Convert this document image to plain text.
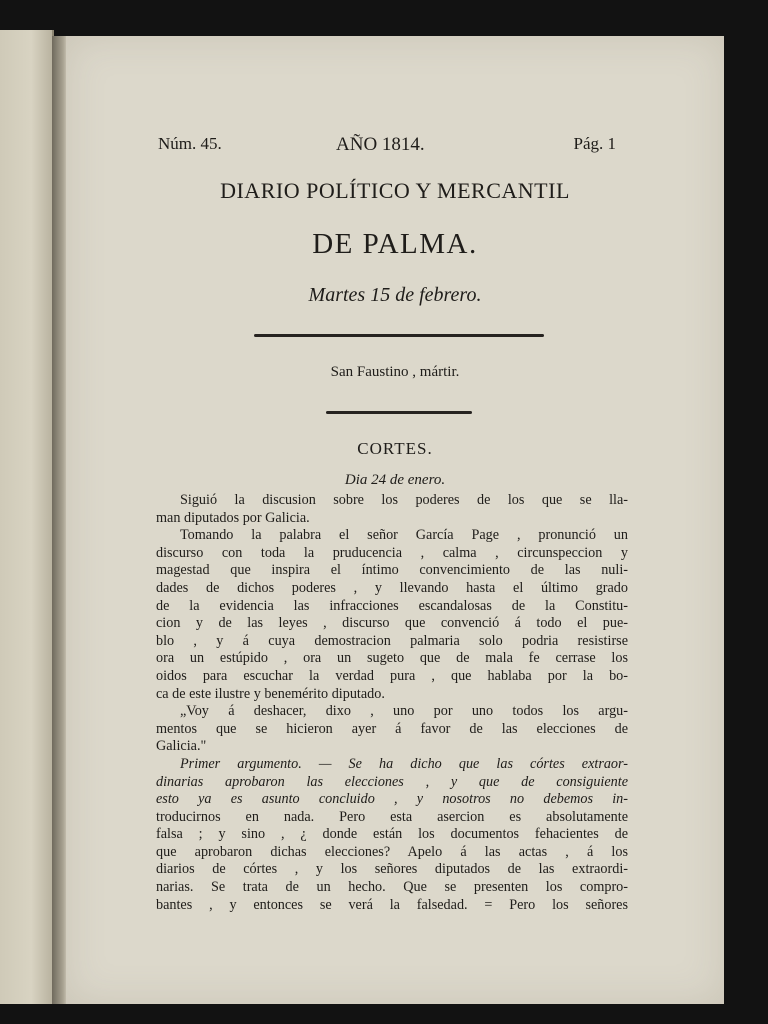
Núm. 45.	AÑO 1814.	Pág. 1
DIARIO POLÍTICO Y MERCANTIL
DE PALMA.
Martes 15 de febrero.
San Faustino , mártir.
CORTES.
Dia 24 de enero.
Siguió la discusion sobre los poderes de los que se lla-
man diputados por Galicia.
Tomando la palabra el señor García Page , pronunció un
discurso con toda la pruducencia , calma , circunspeccion y
magestad que inspira el íntimo convencimiento de las nuli-
dades de dichos poderes , y llevando hasta el último grado
de la evidencia las infracciones escandalosas de la Constitu-
cion y de las leyes , discurso que convenció á todo el pue-
blo , y á cuya demostracion palmaria solo podria resistirse
ora un estúpido , ora un sugeto que de mala fe cerrase los
oidos para escuchar la verdad pura , que hablaba por la bo-
ca de este ilustre y benemérito diputado.
„Voy á deshacer, dixo , uno por uno todos los argu-
mentos que se hicieron ayer á favor de las elecciones de
Galicia."
Primer argumento. — Se ha dicho que las córtes extraor-
dinarias aprobaron las elecciones , y que de consiguiente
esto ya es asunto concluido , y nosotros no debemos in-
troducirnos en nada. Pero esta asercion es absolutamente
falsa ; y sino , ¿ donde están los documentos fehacientes de
que aprobaron dichas elecciones? Apelo á las actas , á los
diarios de córtes , y los señores diputados de las extraordi-
narias. Se trata de un hecho. Que se presenten los compro-
bantes , y entonces se verá la falsedad. = Pero los señores
